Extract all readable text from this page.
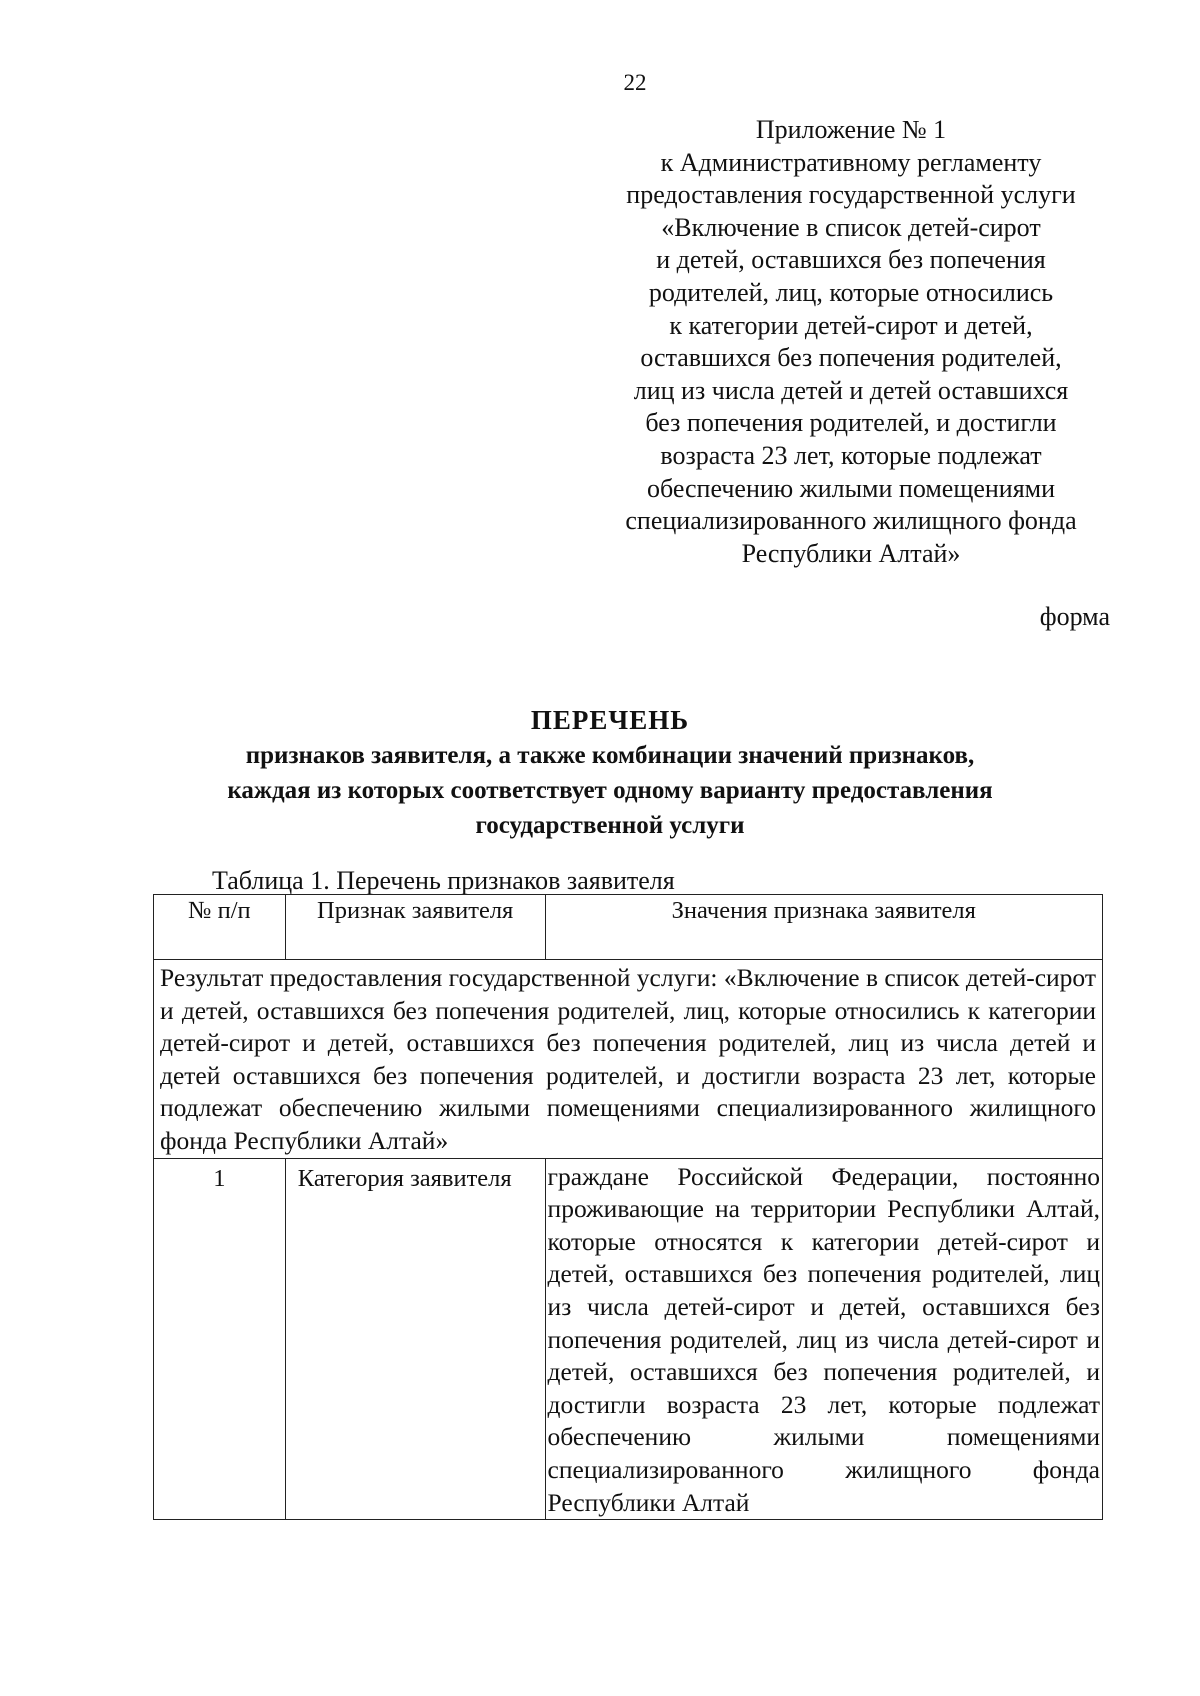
22
Приложение № 1
к Административному регламенту
предоставления государственной услуги
«Включение в список детей-сирот
и детей, оставшихся без попечения
родителей, лиц, которые относились
к категории детей-сирот и детей,
оставшихся без попечения родителей,
лиц из числа детей и детей оставшихся
без попечения родителей, и достигли
возраста 23 лет, которые подлежат
обеспечению жилыми помещениями
специализированного жилищного фонда
Республики Алтай»
форма
ПЕРЕЧЕНЬ
признаков заявителя, а также комбинации значений признаков,
каждая из которых соответствует одному варианту предоставления
государственной услуги
Таблица 1. Перечень признаков заявителя
№ п/п	Признак заявителя	Значения признака заявителя
Результат предоставления государственной услуги: «Включение в список детей-сирот и детей, оставшихся без попечения родителей, лиц, которые относились к категории детей-сирот и детей, оставшихся без попечения родителей, лиц из числа детей и детей оставшихся без попечения родителей, и достигли возраста 23 лет, которые подлежат обеспечению жилыми помещениями специализированного жилищного фонда Республики Алтай»		
1	Категория заявителя	граждане Российской Федерации, постоянно проживающие на территории Республики Алтай, которые относятся к категории детей-сирот и детей, оставшихся без попечения родителей, лиц из числа детей-сирот и детей, оставшихся без попечения родителей, лиц из числа детей-сирот и детей, оставшихся без попечения родителей, и достигли возраста 23 лет, которые подлежат обеспечению жилыми помещениями специализированного жилищного фонда Республики Алтай
